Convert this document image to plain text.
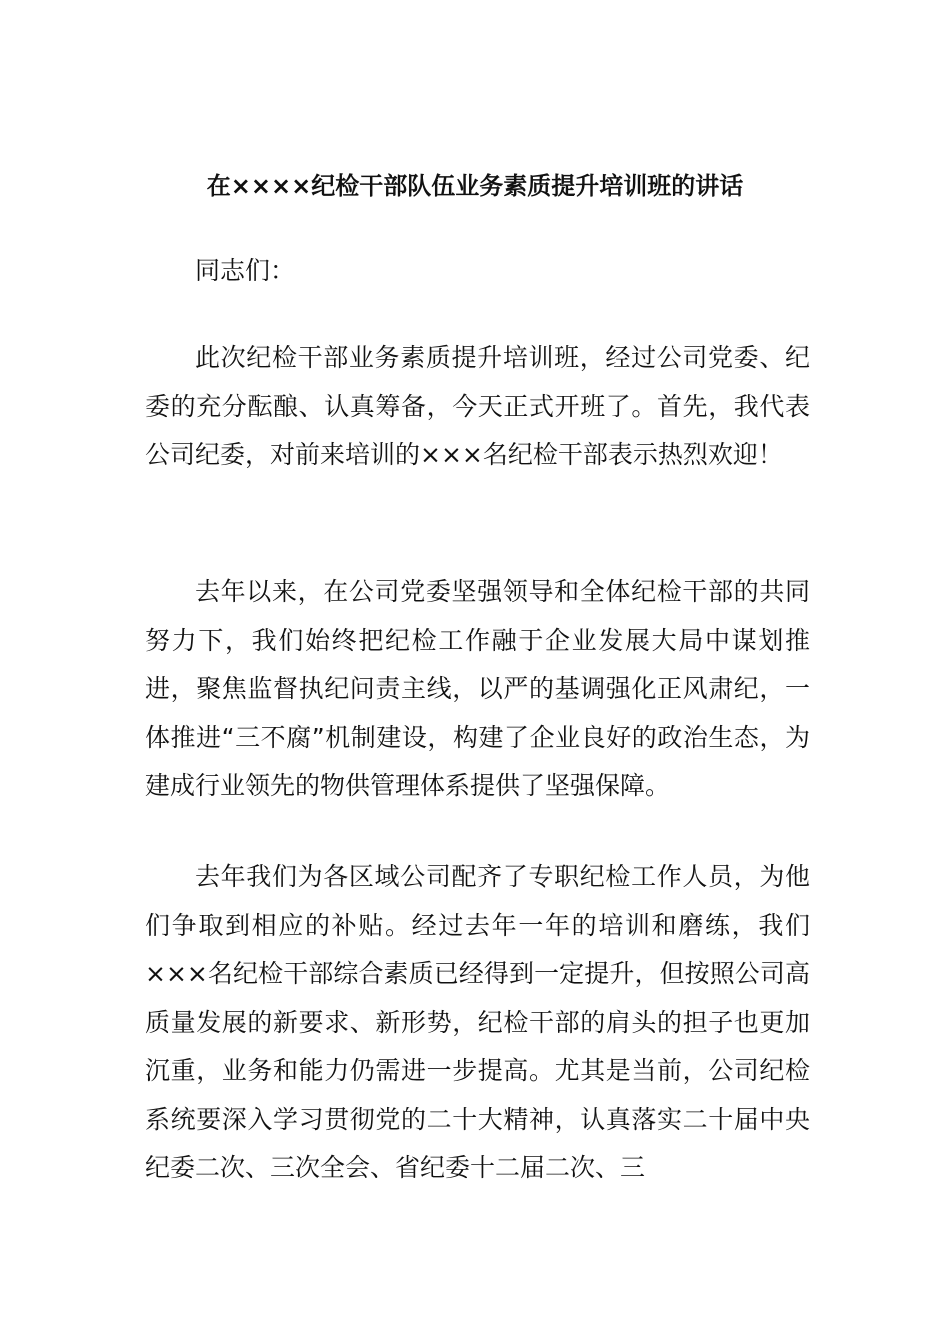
在××××纪检干部队伍业务素质提升培训班的讲话
同志们：

此次纪检干部业务素质提升培训班，经过公司党委、纪委的充分酝酿、认真筹备，今天正式开班了。首先，我代表公司纪委，对前来培训的×××名纪检干部表示热烈欢迎！

去年以来，在公司党委坚强领导和全体纪检干部的共同努力下，我们始终把纪检工作融于企业发展大局中谋划推进，聚焦监督执纪问责主线，以严的基调强化正风肃纪，一体推进“三不腐”机制建设，构建了企业良好的政治生态，为建成行业领先的物供管理体系提供了坚强保障。

去年我们为各区域公司配齐了专职纪检工作人员，为他们争取到相应的补贴。经过去年一年的培训和磨练，我们×××名纪检干部综合素质已经得到一定提升，但按照公司高质量发展的新要求、新形势，纪检干部的肩头的担子也更加沉重，业务和能力仍需进一步提高。尤其是当前，公司纪检系统要深入学习贯彻党的二十大精神，认真落实二十届中央纪委二次、三次全会、省纪委十二届二次、三
